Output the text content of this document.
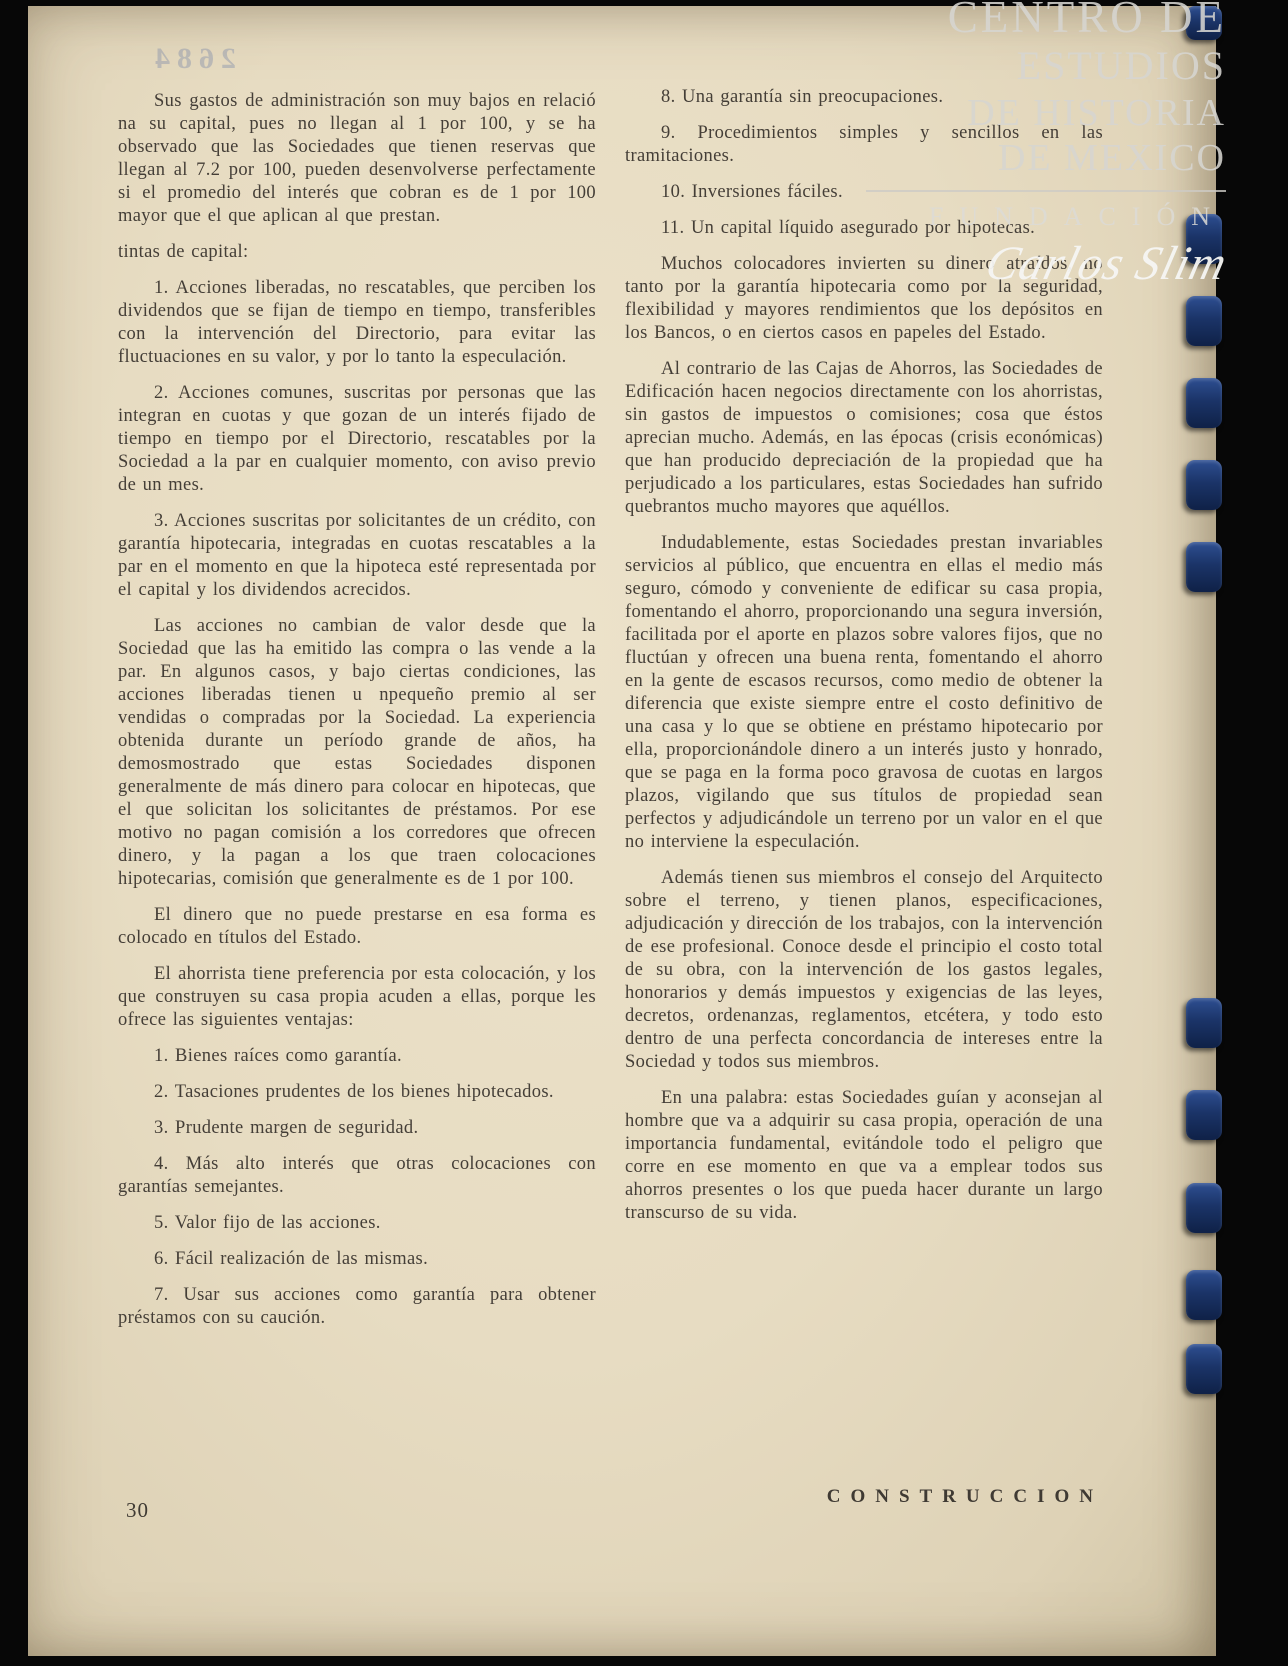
2684

Sus gastos de administración son muy bajos en relació na su capital, pues no llegan al 1 por 100, y se ha observado que las Sociedades que tienen reservas que llegan al 7.2 por 100, pueden desenvolverse perfectamente si el promedio del interés que cobran es de 1 por 100 mayor que el que aplican al que prestan.

tintas de capital:

1. Acciones liberadas, no rescatables, que perciben los dividendos que se fijan de tiempo en tiempo, transferibles con la intervención del Directorio, para evitar las fluctuaciones en su valor, y por lo tanto la especulación.

2. Acciones comunes, suscritas por personas que las integran en cuotas y que gozan de un interés fijado de tiempo en tiempo por el Directorio, rescatables por la Sociedad a la par en cualquier momento, con aviso previo de un mes.

3. Acciones suscritas por solicitantes de un crédito, con garantía hipotecaria, integradas en cuotas rescatables a la par en el momento en que la hipoteca esté representada por el capital y los dividendos acrecidos.

Las acciones no cambian de valor desde que la Sociedad que las ha emitido las compra o las vende a la par. En algunos casos, y bajo ciertas condiciones, las acciones liberadas tienen u npequeño premio al ser vendidas o compradas por la Sociedad. La experiencia obtenida durante un período grande de años, ha demosmostrado que estas Sociedades disponen generalmente de más dinero para colocar en hipotecas, que el que solicitan los solicitantes de préstamos. Por ese motivo no pagan comisión a los corredores que ofrecen dinero, y la pagan a los que traen colocaciones hipotecarias, comisión que generalmente es de 1 por 100.

El dinero que no puede prestarse en esa forma es colocado en títulos del Estado.

El ahorrista tiene preferencia por esta colocación, y los que construyen su casa propia acuden a ellas, porque les ofrece las siguientes ventajas:

1. Bienes raíces como garantía.

2. Tasaciones prudentes de los bienes hipotecados.

3. Prudente margen de seguridad.

4. Más alto interés que otras colocaciones con garantías semejantes.

5. Valor fijo de las acciones.

6. Fácil realización de las mismas.

7. Usar sus acciones como garantía para obtener préstamos con su caución.

8. Una garantía sin preocupaciones.

9. Procedimientos simples y sencillos en las tramitaciones.

10. Inversiones fáciles.

11. Un capital líquido asegurado por hipotecas.

Muchos colocadores invierten su dinero atraídos, no tanto por la garantía hipotecaria como por la seguridad, flexibilidad y mayores rendimientos que los depósitos en los Bancos, o en ciertos casos en papeles del Estado.

Al contrario de las Cajas de Ahorros, las Sociedades de Edificación hacen negocios directamente con los ahorristas, sin gastos de impuestos o comisiones; cosa que éstos aprecian mucho. Además, en las épocas (crisis económicas) que han producido depreciación de la propiedad que ha perjudicado a los particulares, estas Sociedades han sufrido quebrantos mucho mayores que aquéllos.

Indudablemente, estas Sociedades prestan invariables servicios al público, que encuentra en ellas el medio más seguro, cómodo y conveniente de edificar su casa propia, fomentando el ahorro, proporcionando una segura inversión, facilitada por el aporte en plazos sobre valores fijos, que no fluctúan y ofrecen una buena renta, fomentando el ahorro en la gente de escasos recursos, como medio de obtener la diferencia que existe siempre entre el costo definitivo de una casa y lo que se obtiene en préstamo hipotecario por ella, proporcionándole dinero a un interés justo y honrado, que se paga en la forma poco gravosa de cuotas en largos plazos, vigilando que sus títulos de propiedad sean perfectos y adjudicándole un terreno por un valor en el que no interviene la especulación.

Además tienen sus miembros el consejo del Arquitecto sobre el terreno, y tienen planos, especificaciones, adjudicación y dirección de los trabajos, con la intervención de ese profesional. Conoce desde el principio el costo total de su obra, con la intervención de los gastos legales, honorarios y demás impuestos y exigencias de las leyes, decretos, ordenanzas, reglamentos, etcétera, y todo esto dentro de una perfecta concordancia de intereses entre la Sociedad y todos sus miembros.

En una palabra: estas Sociedades guían y aconsejan al hombre que va a adquirir su casa propia, operación de una importancia fundamental, evitándole todo el peligro que corre en ese momento en que va a emplear todos sus ahorros presentes o los que pueda hacer durante un largo transcurso de su vida.

30
CONSTRUCCION
CENTRO DE
ESTUDIOS
DE HISTORIA
DE MEXICO
FUNDACIÓN
Carlos Slim
